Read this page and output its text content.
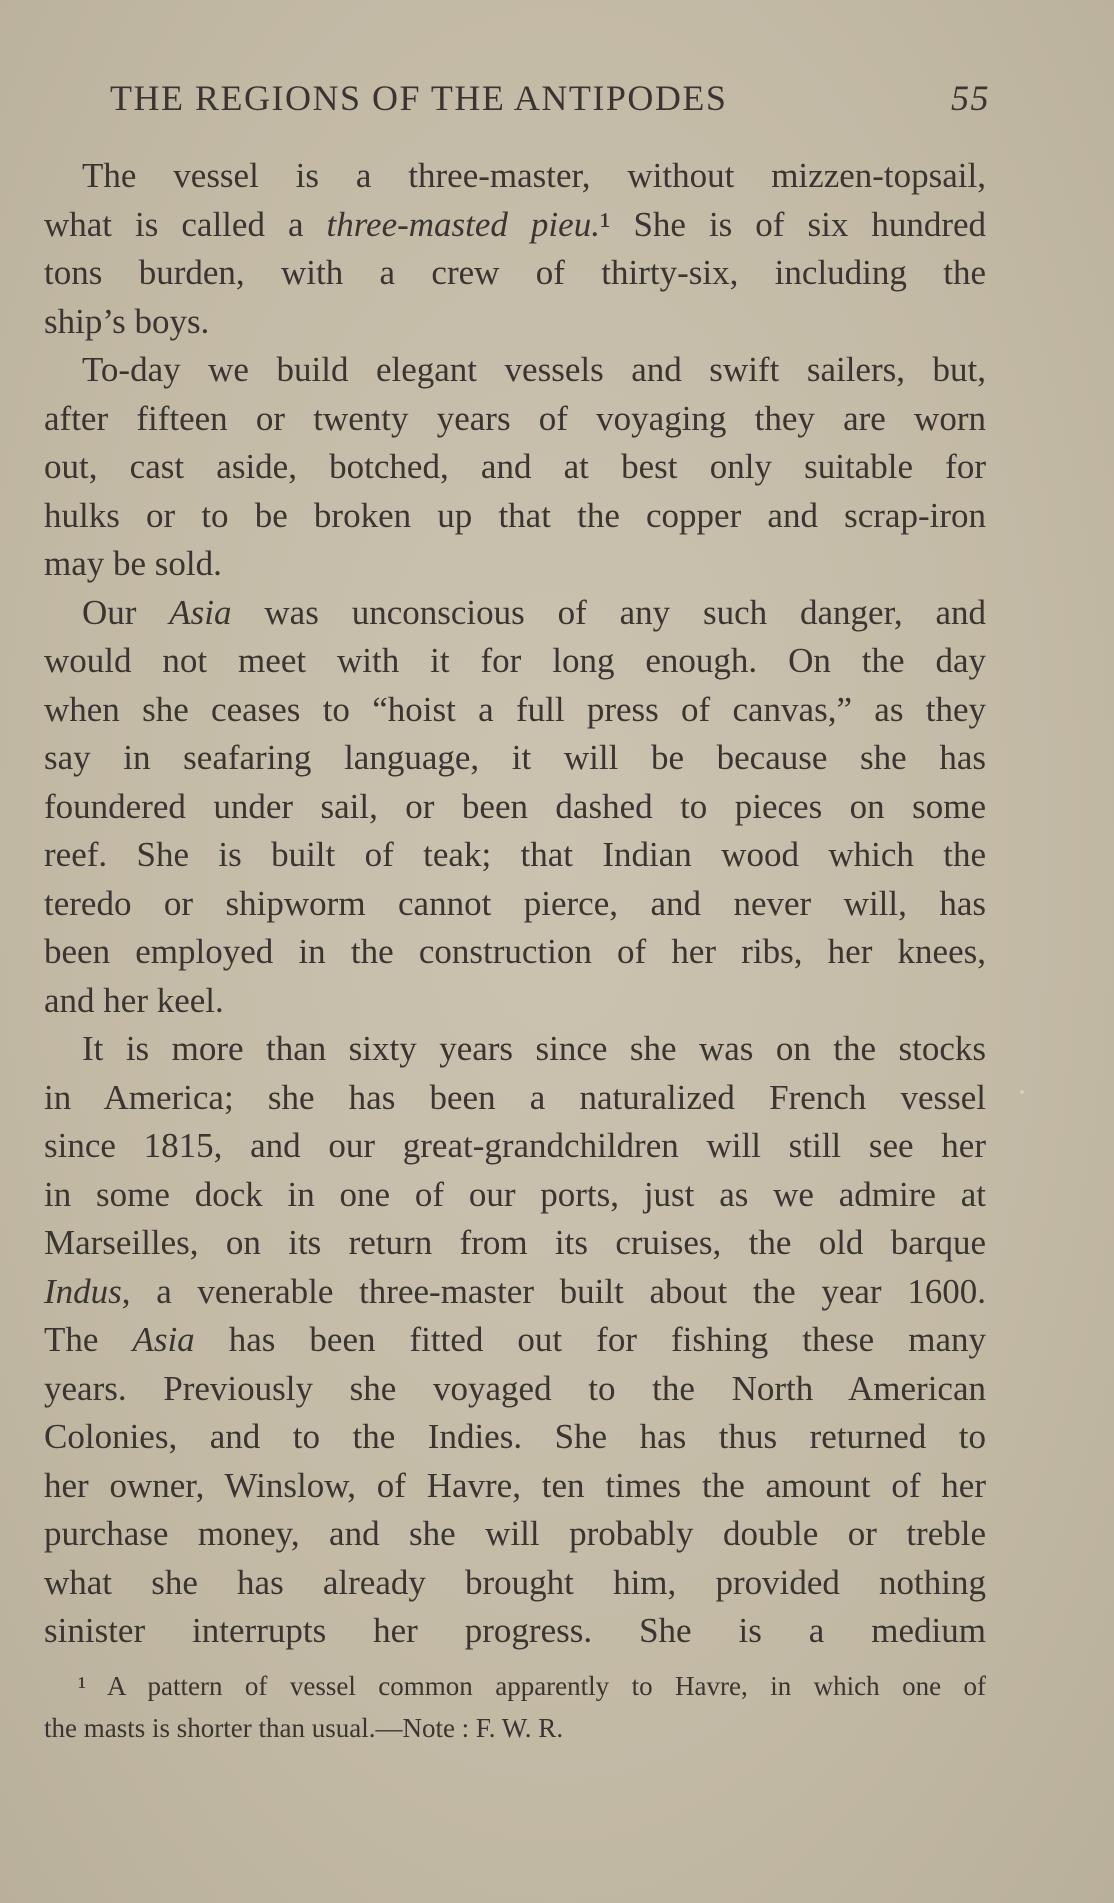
THE REGIONS OF THE ANTIPODES	55
The vessel is a three-master, without mizzen-topsail,
what is called a three-masted pieu.¹ She is of six hundred
tons burden, with a crew of thirty-six, including the
ship’s boys.
To-day we build elegant vessels and swift sailers, but,
after fifteen or twenty years of voyaging they are worn
out, cast aside, botched, and at best only suitable for
hulks or to be broken up that the copper and scrap-iron
may be sold.
Our Asia was unconscious of any such danger, and
would not meet with it for long enough. On the day
when she ceases to “hoist a full press of canvas,” as they
say in seafaring language, it will be because she has
foundered under sail, or been dashed to pieces on some
reef. She is built of teak; that Indian wood which the
teredo or shipworm cannot pierce, and never will, has
been employed in the construction of her ribs, her knees,
and her keel.
It is more than sixty years since she was on the stocks
in America; she has been a naturalized French vessel
since 1815, and our great-grandchildren will still see her
in some dock in one of our ports, just as we admire at
Marseilles, on its return from its cruises, the old barque
Indus, a venerable three-master built about the year 1600.
The Asia has been fitted out for fishing these many
years. Previously she voyaged to the North American
Colonies, and to the Indies. She has thus returned to
her owner, Winslow, of Havre, ten times the amount of her
purchase money, and she will probably double or treble
what she has already brought him, provided nothing
sinister interrupts her progress. She is a medium
¹ A pattern of vessel common apparently to Havre, in which one of
the masts is shorter than usual.—Note : F. W. R.
